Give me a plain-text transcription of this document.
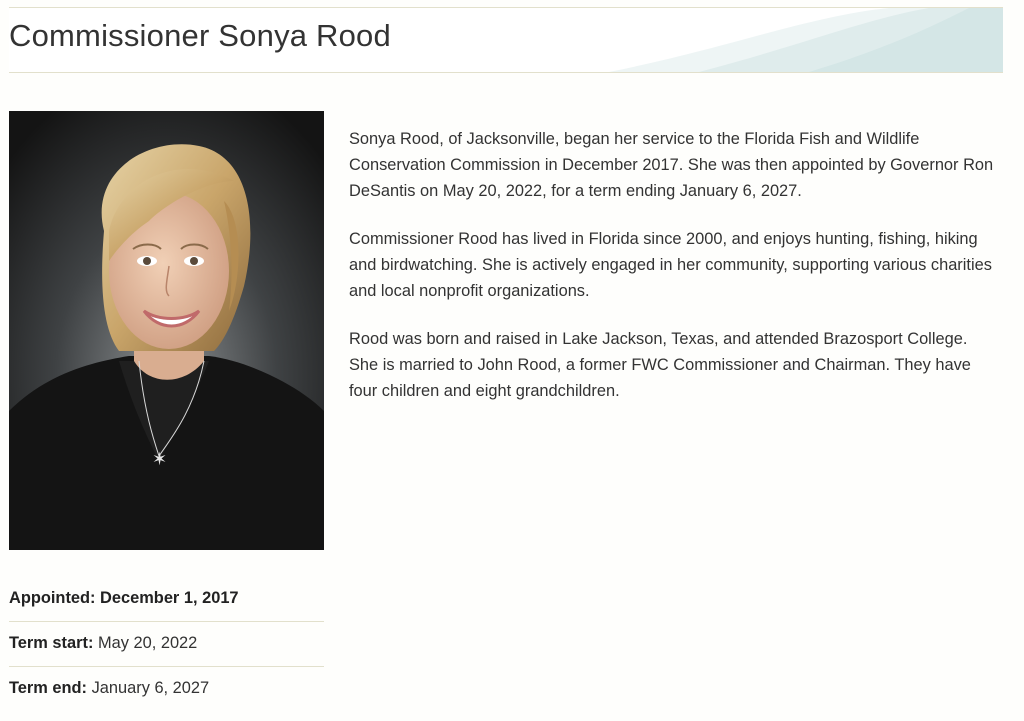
Commissioner Sonya Rood
✶

Sonya Rood, of Jacksonville, began her service to the Florida Fish and Wildlife Conservation Commission in December 2017. She was then appointed by Governor Ron DeSantis on May 20, 2022, for a term ending January 6, 2027.

Commissioner Rood has lived in Florida since 2000, and enjoys hunting, fishing, hiking and birdwatching. She is actively engaged in her community, supporting various charities and local nonprofit organizations.

Rood was born and raised in Lake Jackson, Texas, and attended Brazosport College. She is married to John Rood, a former FWC Commissioner and Chairman. They have four children and eight grandchildren.

Appointed: December 1, 2017
Term start: May 20, 2022
Term end: January 6, 2027
